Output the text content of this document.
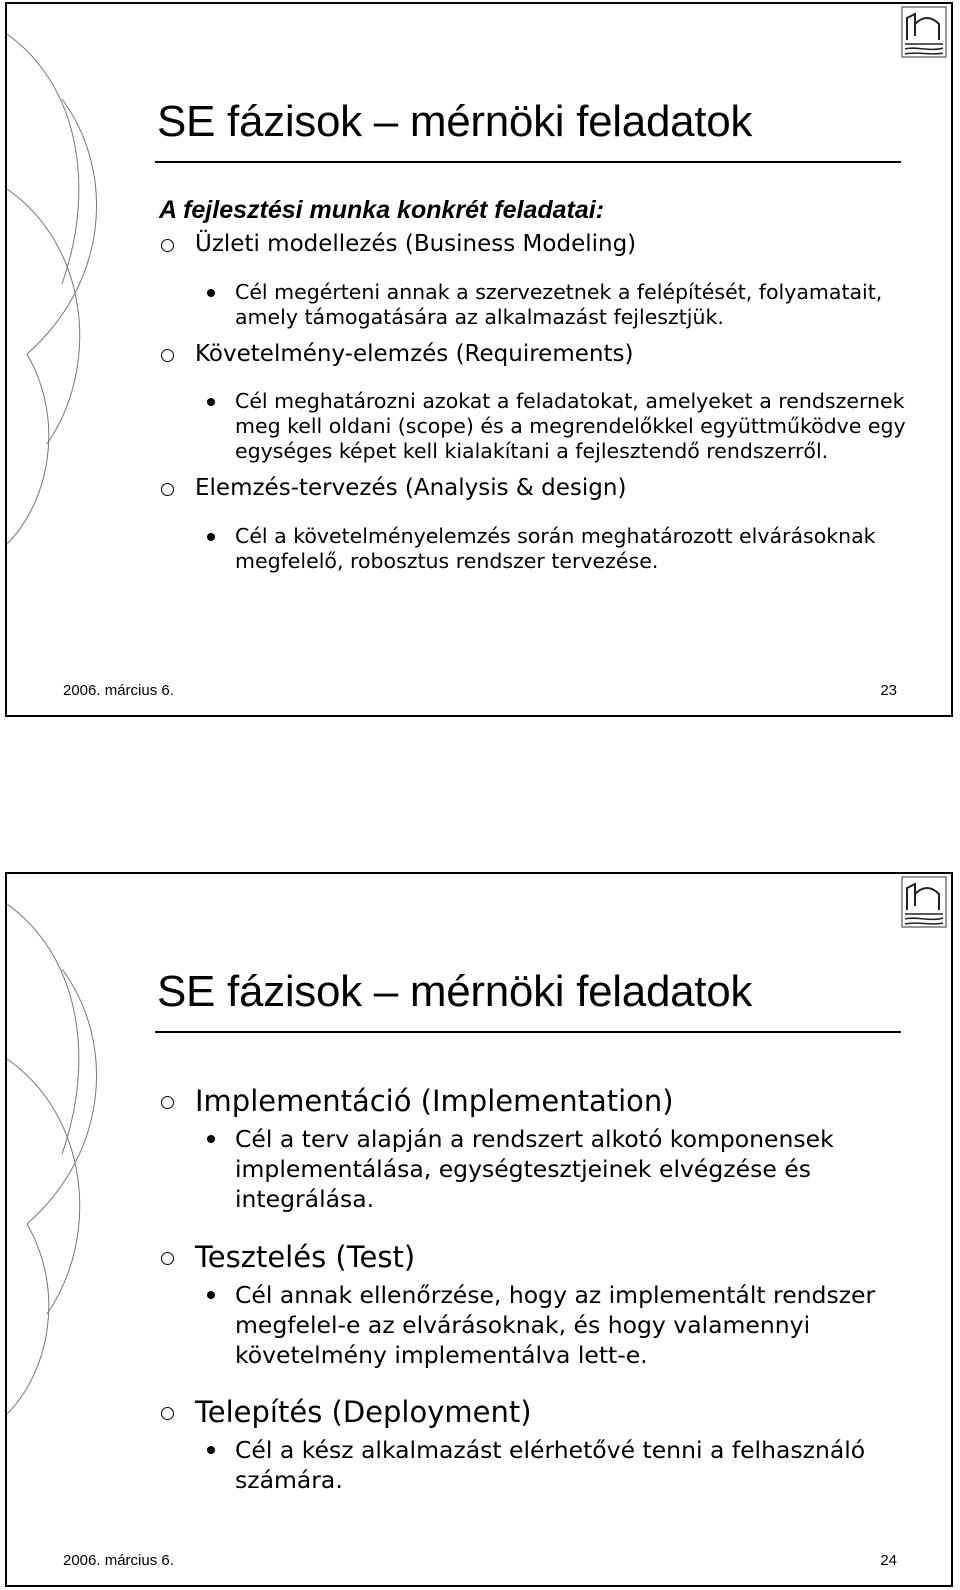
SE fázisok – mérnöki feladatok

A fejlesztési munka konkrét feladatai:

Üzleti modellezés (Business Modeling)

Cél megérteni annak a szervezetnek a felépítését, folyamatait, amely támogatására az alkalmazást fejlesztjük.

Követelmény-elemzés (Requirements)

Cél meghatározni azokat a feladatokat, amelyeket a rendszernek meg kell oldani (scope) és a megrendelőkkel együttműködve egy egységes képet kell kialakítani a fejlesztendő rendszerről.

Elemzés-tervezés (Analysis & design)

Cél a követelményelemzés során meghatározott elvárásoknak megfelelő, robosztus rendszer tervezése.

2006. március 6.	23
SE fázisok – mérnöki feladatok

Implementáció (Implementation)

Cél a terv alapján a rendszert alkotó komponensek implementálása, egységtesztjeinek elvégzése és integrálása.

Tesztelés (Test)

Cél annak ellenőrzése, hogy az implementált rendszer megfelel-e az elvárásoknak, és hogy valamennyi követelmény implementálva lett-e.

Telepítés (Deployment)

Cél a kész alkalmazást elérhetővé tenni a felhasználó számára.

2006. március 6.	24
